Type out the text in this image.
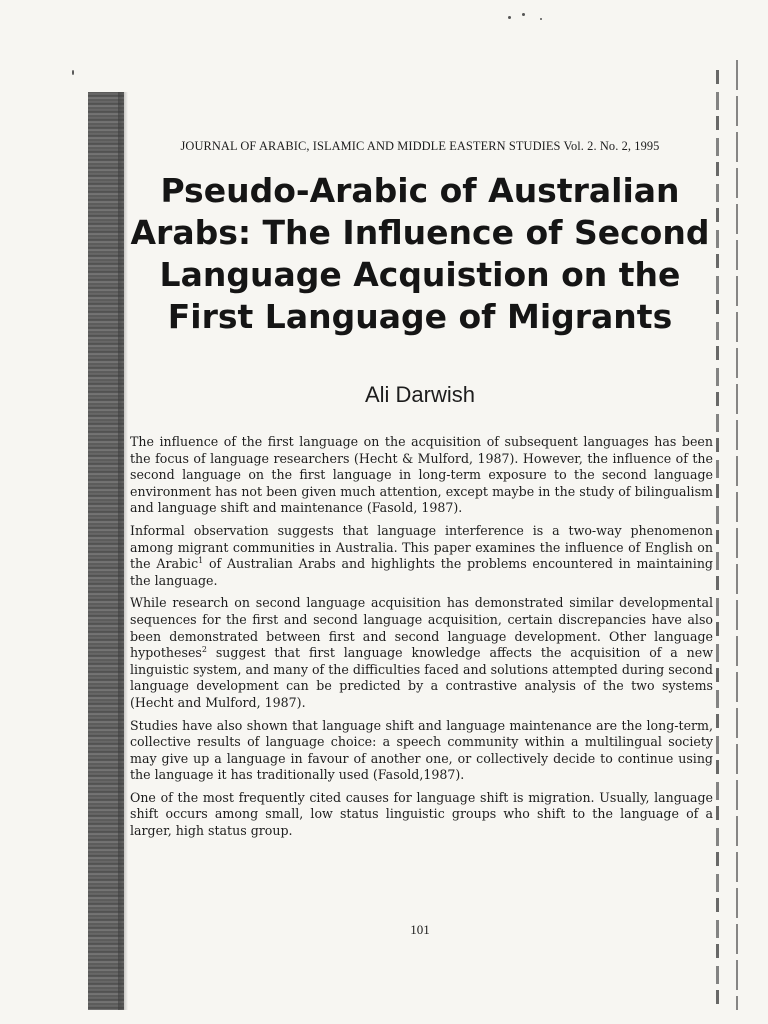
JOURNAL OF ARABIC, ISLAMIC AND MIDDLE EASTERN STUDIES Vol. 2. No. 2, 1995
Pseudo-Arabic of Australian Arabs: The Influence of Second Language Acquistion on the First Language of Migrants
Ali Darwish

The influence of the first language on the acquisition of subsequent languages has been the focus of language researchers (Hecht & Mulford, 1987). However, the influence of the second language on the first language in long-term exposure to the second language environment has not been given much attention, except maybe in the study of bilingualism and language shift and maintenance (Fasold, 1987).

Informal observation suggests that language interference is a two-way phenomenon among migrant communities in Australia. This paper examines the influence of English on the Arabic$^1$ of Australian Arabs and highlights the problems encountered in maintaining the language.

While research on second language acquisition has demonstrated similar developmental sequences for the first and second language acquisition, certain discrepancies have also been demonstrated between first and second language development. Other language hypotheses$^2$ suggest that first language knowledge affects the acquisition of a new linguistic system, and many of the difficulties faced and solutions attempted during second language development can be predicted by a contrastive analysis of the two systems (Hecht and Mulford, 1987).

Studies have also shown that language shift and language maintenance are the long-term, collective results of language choice: a speech community within a multilingual society may give up a language in favour of another one, or collectively decide to continue using the language it has traditionally used (Fasold,1987).

One of the most frequently cited causes for language shift is migration. Usually, language shift occurs among small, low status linguistic groups who shift to the language of a larger, high status group.

101
